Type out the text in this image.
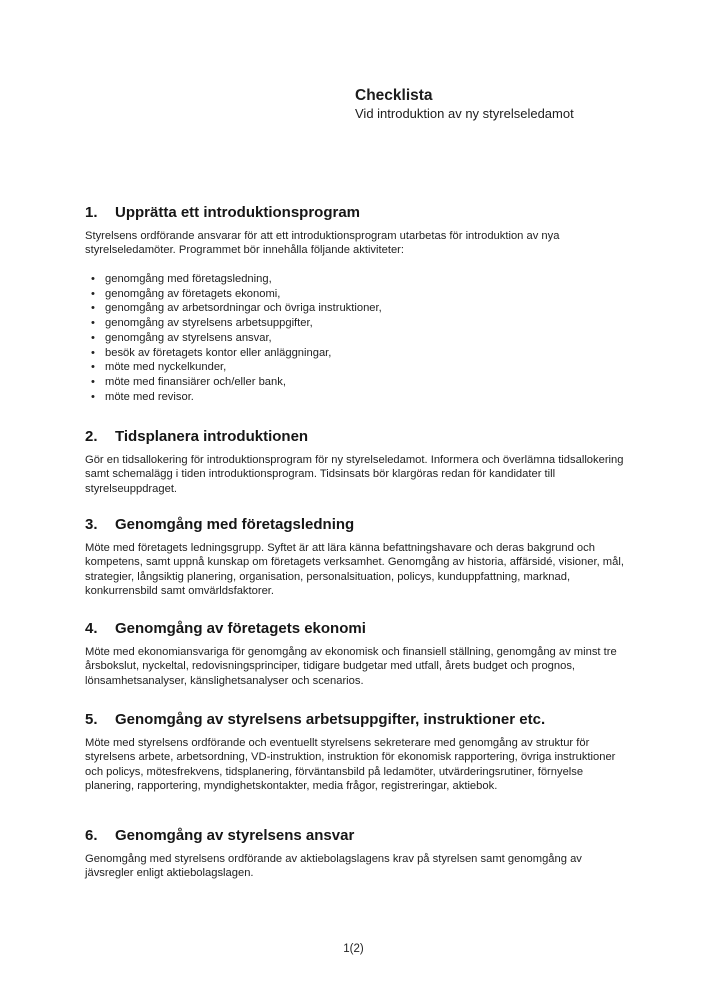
Checklista
Vid introduktion av ny styrelseledamot
1.	Upprätta ett introduktionsprogram

Styrelsens ordförande ansvarar för att ett introduktionsprogram utarbetas för introduktion av nya styrelseledamöter. Programmet bör innehålla följande aktiviteter:

• genomgång med företagsledning,
• genomgång av företagets ekonomi,
• genomgång av arbetsordningar och övriga instruktioner,
• genomgång av styrelsens arbetsuppgifter,
• genomgång av styrelsens ansvar,
• besök av företagets kontor eller anläggningar,
• möte med nyckelkunder,
• möte med finansiärer och/eller bank,
• möte med revisor.
2.	Tidsplanera introduktionen

Gör en tidsallokering för introduktionsprogram för ny styrelseledamot. Informera och överlämna tidsallokering samt schemalägg i tiden introduktionsprogram. Tidsinsats bör klargöras redan för kandidater till styrelseuppdraget.

3.	Genomgång med företagsledning

Möte med företagets ledningsgrupp. Syftet är att lära känna befattningshavare och deras bakgrund och kompetens, samt uppnå kunskap om företagets verksamhet. Genomgång av historia, affärsidé, visioner, mål, strategier, långsiktig planering, organisation, personalsituation, policys, kunduppfattning, marknad, konkurrensbild samt omvärldsfaktorer.

4.	Genomgång av företagets ekonomi

Möte med ekonomiansvariga för genomgång av ekonomisk och finansiell ställning, genomgång av minst tre årsbokslut, nyckeltal, redovisningsprinciper, tidigare budgetar med utfall, årets budget och prognos, lönsamhetsanalyser, känslighetsanalyser och scenarios.

5.	Genomgång av styrelsens arbetsuppgifter, instruktioner etc.

Möte med styrelsens ordförande och eventuellt styrelsens sekreterare med genomgång av struktur för styrelsens arbete, arbetsordning, VD-instruktion, instruktion för ekonomisk rapportering, övriga instruktioner och policys, mötesfrekvens, tidsplanering, förväntansbild på ledamöter, utvärderingsrutiner, förnyelse planering, rapportering, myndighetskontakter, media frågor, registreringar, aktiebok.

6.	Genomgång av styrelsens ansvar

Genomgång med styrelsens ordförande av aktiebolagslagens krav på styrelsen samt genomgång av jävsregler enligt aktiebolagslagen.

1(2)
